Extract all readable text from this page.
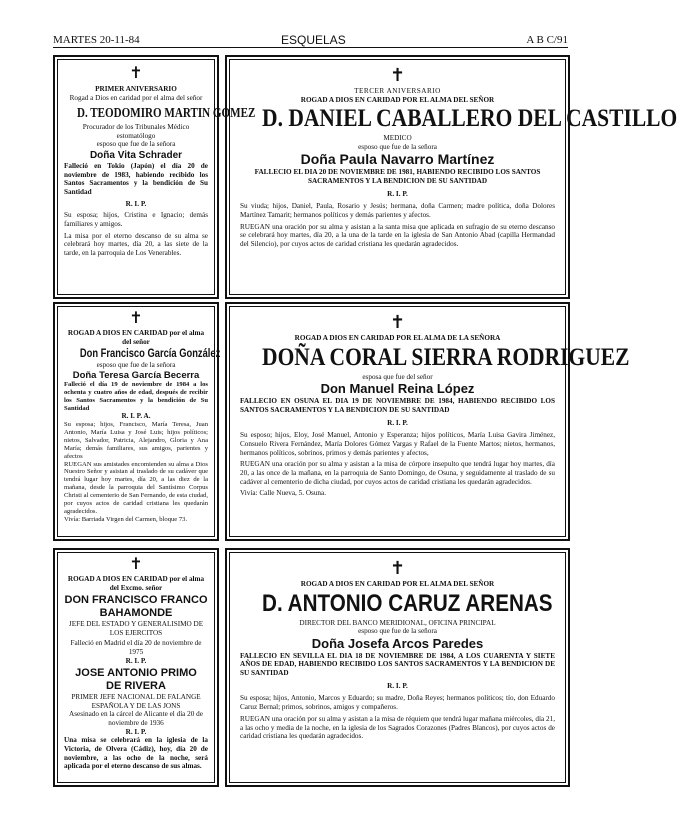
MARTES 20-11-84	ESQUELAS	A B C/91
✝

PRIMER ANIVERSARIO

Rogad a Dios en caridad por el alma del señor

D. TEODOMIRO MARTIN GOMEZ

Procurador de los Tribunales Médico estomatólogo

esposo que fue de la señora

Doña Vita Schrader

Falleció en Tokio (Japón) el día 20 de noviembre de 1983, habiendo recibido los Santos Sacramentos y la bendición de Su Santidad

R. I. P.

Su esposa; hijos, Cristina e Ignacio; demás familiares y amigos.

La misa por el eterno descanso de su alma se celebrará hoy martes, día 20, a las siete de la tarde, en la parroquia de Los Venerables.

✝

ROGAD A DIOS EN CARIDAD por el alma del señor

Don Francisco García González

esposo que fue de la señora

Doña Teresa García Becerra

Falleció el día 19 de noviembre de 1984 a los ochenta y cuatro años de edad, después de recibir los Santos Sacramentos y la bendición de Su Santidad

R. I. P. A.

Su esposa; hijos, Francisco, María Teresa, Juan Antonio, María Luisa y José Luis; hijos políticos; nietos, Salvador, Patricia, Alejandro, Gloria y Ana María; demás familiares, sus amigos, parientes y afectos

RUEGAN sus amistades encomienden su alma a Dios Nuestro Señor y asistan al traslado de su cadáver que tendrá lugar hoy martes, día 20, a las diez de la mañana, desde la parroquia del Santísimo Corpus Christi al cementerio de San Fernando, de esta ciudad, por cuyos actos de caridad cristiana les quedarán agradecidos.

Vivía: Barriada Virgen del Carmen, bloque 73.

✝

ROGAD A DIOS EN CARIDAD por el alma del Excmo. señor

DON FRANCISCO FRANCO

BAHAMONDE

JEFE DEL ESTADO Y GENERALISIMO DE LOS EJERCITOS

Falleció en Madrid el día 20 de noviembre de 1975

R. I. P.

JOSE ANTONIO PRIMO

DE RIVERA

PRIMER JEFE NACIONAL DE FALANGE ESPAÑOLA Y DE LAS JONS

Asesinado en la cárcel de Alicante el día 20 de noviembre de 1936

R. I. P.

Una misa se celebrará en la iglesia de la Victoria, de Olvera (Cádiz), hoy, día 20 de noviembre, a las ocho de la noche, será aplicada por el eterno descanso de sus almas.

✝

TERCER ANIVERSARIO

ROGAD A DIOS EN CARIDAD POR EL ALMA DEL SEÑOR

D. DANIEL CABALLERO DEL CASTILLO

MEDICO

esposo que fue de la señora

Doña Paula Navarro Martínez

FALLECIO EL DIA 20 DE NOVIEMBRE DE 1981, HABIENDO RECIBIDO LOS SANTOS SACRAMENTOS Y LA BENDICION DE SU SANTIDAD

R. I. P.

Su viuda; hijos, Daniel, Paula, Rosario y Jesús; hermana, doña Carmen; madre política, doña Dolores Martínez Tamarit; hermanos políticos y demás parientes y afectos.

RUEGAN una oración por su alma y asistan a la santa misa que aplicada en sufragio de su eterno descanso se celebrará hoy martes, día 20, a la una de la tarde en la iglesia de San Antonio Abad (capilla Hermandad del Silencio), por cuyos actos de caridad cristiana les quedarán agradecidos.

✝

ROGAD A DIOS EN CARIDAD POR EL ALMA DE LA SEÑORA

DOÑA CORAL SIERRA RODRIGUEZ

esposa que fue del señor

Don Manuel Reina López

FALLECIO EN OSUNA EL DIA 19 DE NOVIEMBRE DE 1984, HABIENDO RECIBIDO LOS SANTOS SACRAMENTOS Y LA BENDICION DE SU SANTIDAD

R. I. P.

Su esposo; hijos, Eloy, José Manuel, Antonio y Esperanza; hijos políticos, María Luisa Gavira Jiménez, Consuelo Rivera Fernández, María Dolores Gómez Vargas y Rafael de la Fuente Martos; nietos, hermanos, hermanos políticos, sobrinos, primos y demás parientes y afectos,

RUEGAN una oración por su alma y asistan a la misa de córpore insepulto que tendrá lugar hoy martes, día 20, a las once de la mañana, en la parroquia de Santo Domingo, de Osuna, y seguidamente al traslado de su cadáver al cementerio de dicha ciudad, por cuyos actos de caridad cristiana les quedarán agradecidos.

Vivía: Calle Nueva, 5. Osuna.

✝

ROGAD A DIOS EN CARIDAD POR EL ALMA DEL SEÑOR

D. ANTONIO CARUZ ARENAS

DIRECTOR DEL BANCO MERIDIONAL, OFICINA PRINCIPAL

esposo que fue de la señora

Doña Josefa Arcos Paredes

FALLECIO EN SEVILLA EL DIA 18 DE NOVIEMBRE DE 1984, A LOS CUARENTA Y SIETE AÑOS DE EDAD, HABIENDO RECIBIDO LOS SANTOS SACRAMENTOS Y LA BENDICION DE SU SANTIDAD

R. I. P.

Su esposa; hijos, Antonio, Marcos y Eduardo; su madre, Doña Reyes; hermanos políticos; tío, don Eduardo Caruz Bernal; primos, sobrinos, amigos y compañeros.

RUEGAN una oración por su alma y asistan a la misa de réquiem que tendrá lugar mañana miércoles, día 21, a las ocho y media de la noche, en la iglesia de los Sagrados Corazones (Padres Blancos), por cuyos actos de caridad cristiana les quedarán agradecidos.
